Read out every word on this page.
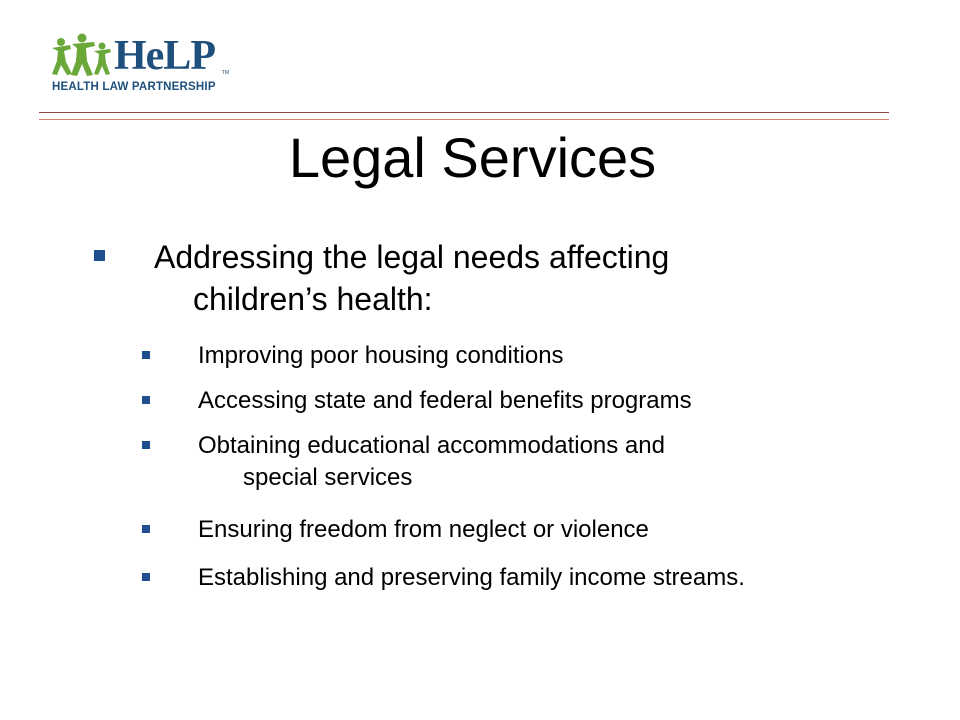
HeLP TM
HEALTH LAW PARTNERSHIP
Legal Services
Addressing the legal needs affecting
children’s health:
Improving poor housing conditions
Accessing state and federal benefits programs
Obtaining educational accommodations and
special services
Ensuring freedom from neglect or violence
Establishing and preserving family income streams.
